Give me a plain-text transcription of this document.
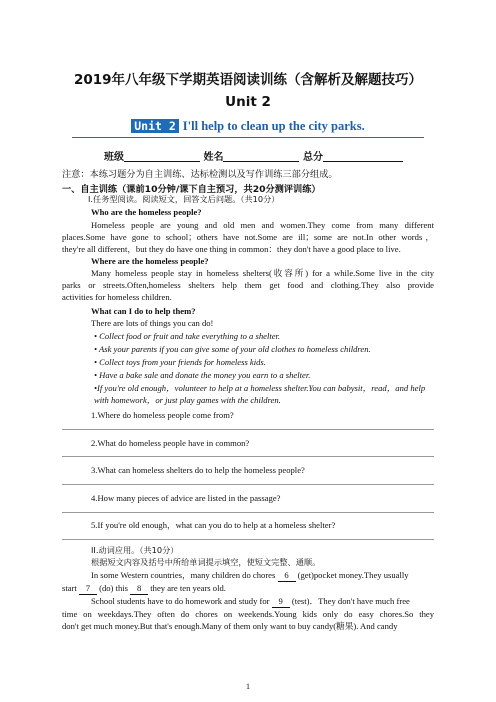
2019年八年级下学期英语阅读训练（含解析及解题技巧）
Unit 2
Unit 2 I'll help to clean up the city parks.
班级	姓名	总分
注意：本练习题分为自主训练、达标检测以及写作训练三部分组成。
一、自主训练（课前10分钟/课下自主预习，共20分测评训练）
I.任务型阅读。阅读短文，回答文后问题。（共10分）
Who are the homeless people?
Homeless people are young and old men and women.They come from many different
places.Some have gone to school；others have not.Some are ill；some are not.In other words，
they're all different，but they do have one thing in common：they don't have a good place to live.
Where are the homeless people?
Many homeless people stay in homeless shelters(收容所) for a while.Some live in the city
parks or streets.Often,homeless shelters help them get food and clothing.They also provide
activities for homeless children.
What can I do to help them?
There are lots of things you can do!
• Collect food or fruit and take everything to a shelter.
• Ask your parents if you can give some of your old clothes to homeless children.
• Collect toys from your friends for homeless kids.
• Have a bake sale and donate the money you earn to a shelter.
•If you're old enough，volunteer to help at a homeless shelter.You can babysit，read，and help
with homework，or just play games with the children.
1.Where do homeless people come from?
2.What do homeless people have in common?
3.What can homeless shelters do to help the homeless people?
4.How many pieces of advice are listed in the passage?
5.If you're old enough，what can you do to help at a homeless shelter?
II.动词应用。（共10分）
根据短文内容及括号中所给单词提示填空，使短文完整、通顺。
In some Western countries，many children do chores 6 (get)pocket money.They usually
start 7 (do) this 8 they are ten years old.
School students have to do homework and study for 9 (test)．They don't have much free
time on weekdays.They often do chores on weekends.Young kids only do easy chores.So they
don't get much money.But that's enough.Many of them only want to buy candy(糖果). And candy
1
